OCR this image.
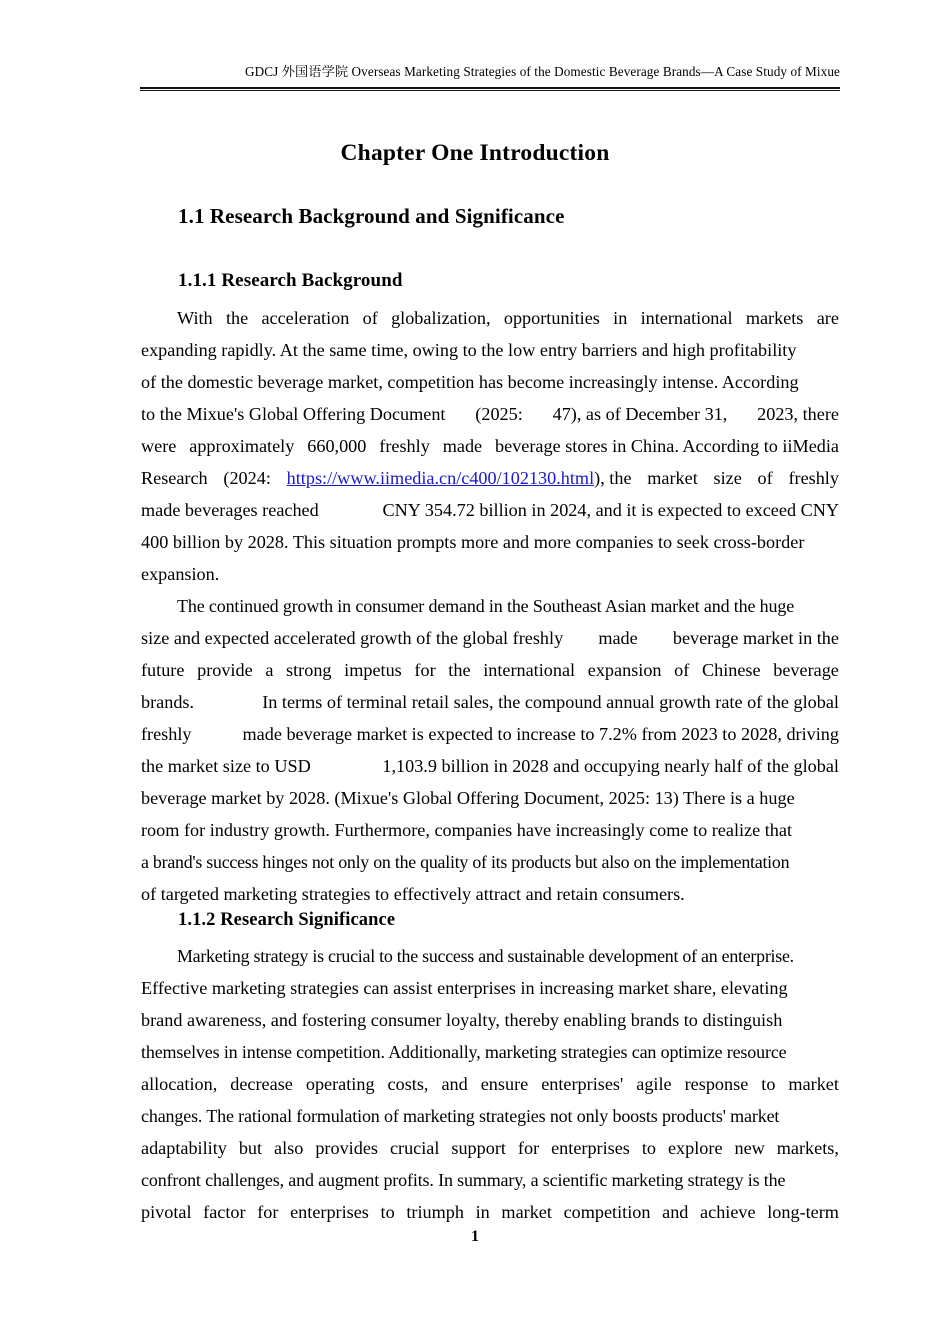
GDCJ 外国语学院 Overseas Marketing Strategies of the Domestic Beverage Brands—A Case Study of Mixue
Chapter One Introduction
1.1 Research Background and Significance
1.1.1 Research Background
With the acceleration of globalization, opportunities in international markets are
expanding rapidly. At the same time, owing to the low entry barriers and high profitability
of the domestic beverage market, competition has become increasingly intense. According
to the Mixue's Global Offering Document (2025: 47), as of December 31, 2023, there
were approximately 660,000 freshly made beverage stores in China. According to iiMedia
Research (2024: https://www.iimedia.cn/c400/102130.html), the market size of freshly
made beverages reached	CNY 354.72 billion in 2024, and it is expected to exceed CNY
400 billion by 2028. This situation prompts more and more companies to seek cross-border
expansion.
The continued growth in consumer demand in the Southeast Asian market and the huge
size and expected accelerated growth of the global freshly made beverage market in the
future provide a strong impetus for the international expansion of Chinese beverage
brands.	In terms of terminal retail sales, the compound annual growth rate of the global
freshly	made beverage market is expected to increase to 7.2% from 2023 to 2028, driving
the market size to USD	1,103.9 billion in 2028 and occupying nearly half of the global
beverage market by 2028. (Mixue's Global Offering Document, 2025: 13) There is a huge
room for industry growth. Furthermore, companies have increasingly come to realize that
a brand's success hinges not only on the quality of its products but also on the implementation
of targeted marketing strategies to effectively attract and retain consumers.
1.1.2 Research Significance
Marketing strategy is crucial to the success and sustainable development of an enterprise.
Effective marketing strategies can assist enterprises in increasing market share, elevating
brand awareness, and fostering consumer loyalty, thereby enabling brands to distinguish
themselves in intense competition. Additionally, marketing strategies can optimize resource
allocation, decrease operating costs, and ensure enterprises' agile response to market
changes. The rational formulation of marketing strategies not only boosts products' market
adaptability but also provides crucial support for enterprises to explore new markets,
confront challenges, and augment profits. In summary, a scientific marketing strategy is the
pivotal factor for enterprises to triumph in market competition and achieve long-term
1
